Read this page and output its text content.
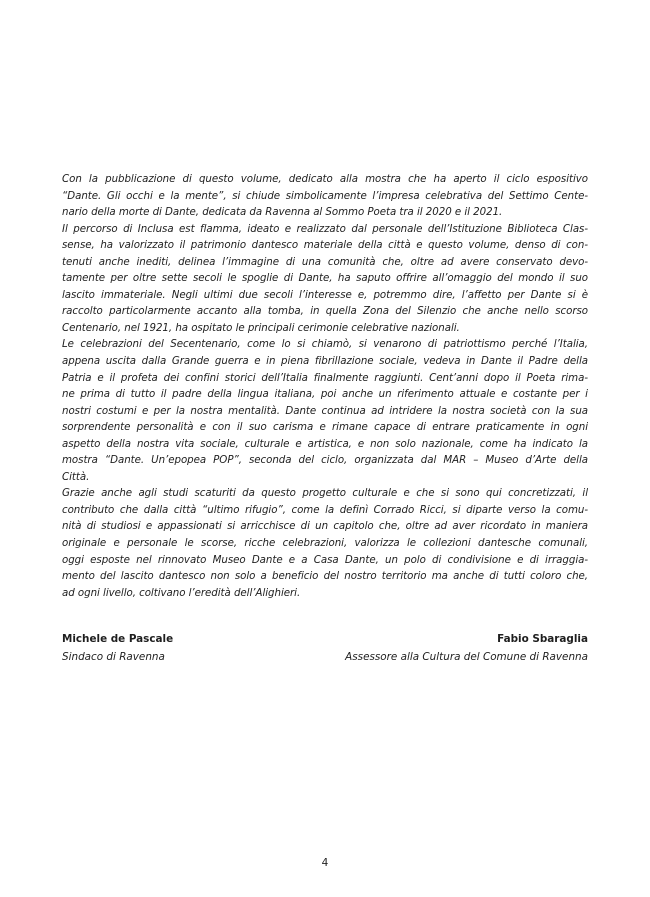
Con la pubblicazione di questo volume, dedicato alla mostra che ha aperto il ciclo espositivo
“Dante. Gli occhi e la mente”, si chiude simbolicamente l’impresa celebrativa del Settimo Cente-
nario della morte di Dante, dedicata da Ravenna al Sommo Poeta tra il 2020 e il 2021.
Il percorso di Inclusa est flamma, ideato e realizzato dal personale dell’Istituzione Biblioteca Clas-
sense, ha valorizzato il patrimonio dantesco materiale della città e questo volume, denso di con-
tenuti anche inediti, delinea l’immagine di una comunità che, oltre ad avere conservato devo-
tamente per oltre sette secoli le spoglie di Dante, ha saputo offrire all’omaggio del mondo il suo
lascito immateriale. Negli ultimi due secoli l’interesse e, potremmo dire, l’affetto per Dante si è
raccolto particolarmente accanto alla tomba, in quella Zona del Silenzio che anche nello scorso
Centenario, nel 1921, ha ospitato le principali cerimonie celebrative nazionali.
Le celebrazioni del Secentenario, come lo si chiamò, si venarono di patriottismo perché l’Italia,
appena uscita dalla Grande guerra e in piena fibrillazione sociale, vedeva in Dante il Padre della
Patria e il profeta dei confini storici dell’Italia finalmente raggiunti. Cent’anni dopo il Poeta rima-
ne prima di tutto il padre della lingua italiana, poi anche un riferimento attuale e costante per i
nostri costumi e per la nostra mentalità. Dante continua ad intridere la nostra società con la sua
sorprendente personalità e con il suo carisma e rimane capace di entrare praticamente in ogni
aspetto della nostra vita sociale, culturale e artistica, e non solo nazionale, come ha indicato la
mostra “Dante. Un’epopea POP”, seconda del ciclo, organizzata dal MAR – Museo d’Arte della
Città.
Grazie anche agli studi scaturiti da questo progetto culturale e che si sono qui concretizzati, il
contributo che dalla città “ultimo rifugio”, come la definì Corrado Ricci, si diparte verso la comu-
nità di studiosi e appassionati si arricchisce di un capitolo che, oltre ad aver ricordato in maniera
originale e personale le scorse, ricche celebrazioni, valorizza le collezioni dantesche comunali,
oggi esposte nel rinnovato Museo Dante e a Casa Dante, un polo di condivisione e di irraggia-
mento del lascito dantesco non solo a beneficio del nostro territorio ma anche di tutti coloro che,
ad ogni livello, coltivano l’eredità dell’Alighieri.
Michele de Pascale
Sindaco di Ravenna
Fabio Sbaraglia
Assessore alla Cultura del Comune di Ravenna
4
